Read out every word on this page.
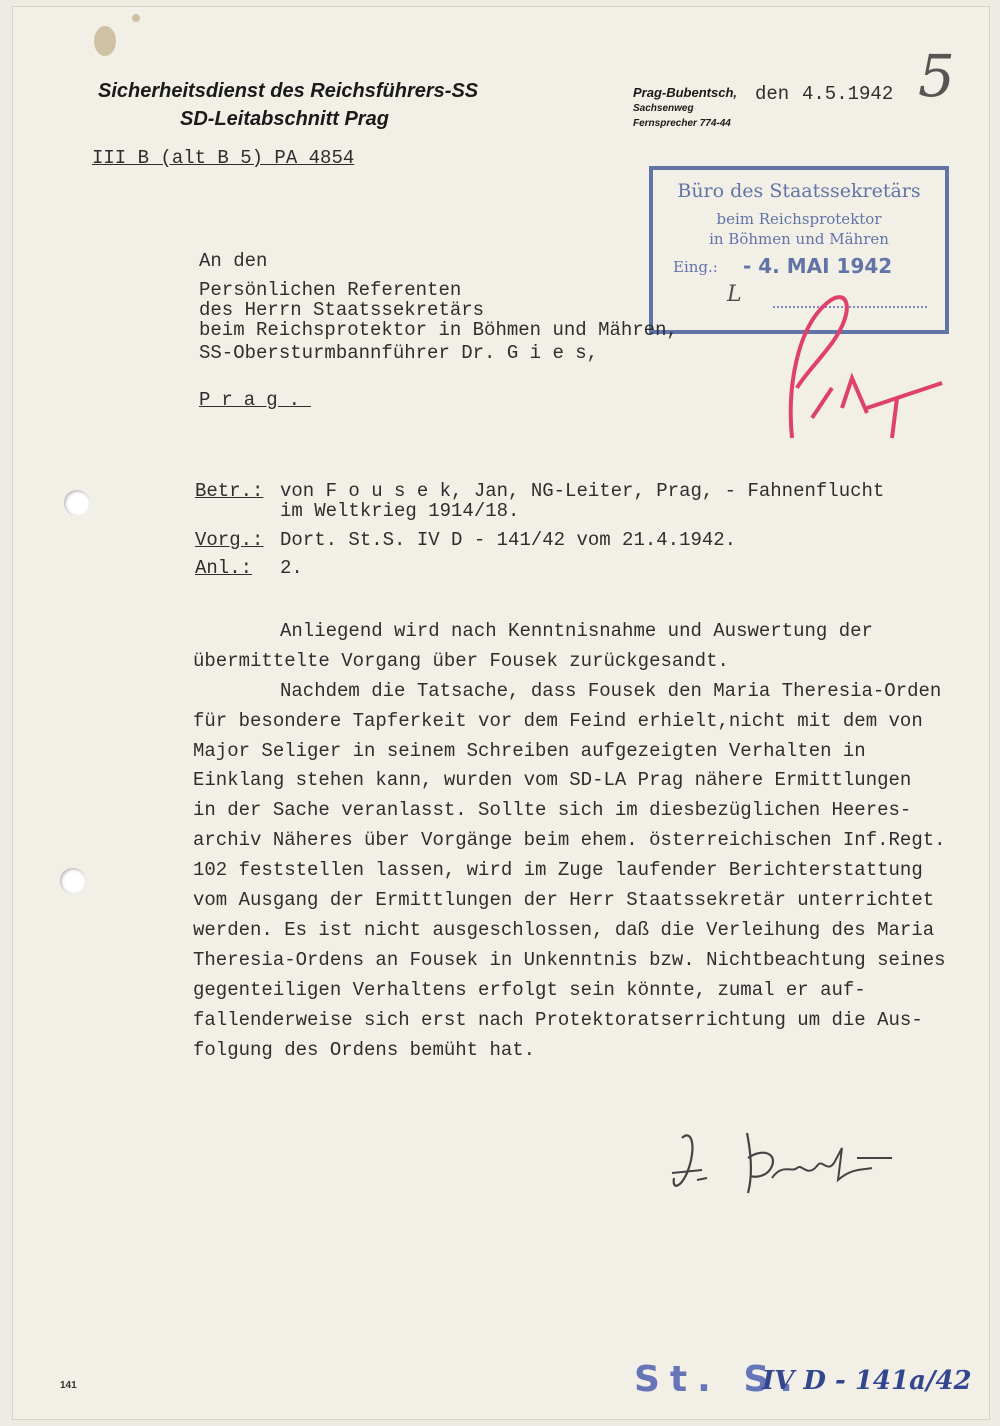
Sicherheitsdienst des Reichsführers-SS
SD-Leitabschnitt Prag
III B (alt B 5) PA 4854
Prag-Bubentsch,
Sachsenweg
Fernsprecher 774-44
den 4.5.1942 5
Büro des Staatssekretärs
beim Reichsprotektor
in Böhmen und Mähren
Eing.: - 4. MAI 1942
L
An den
Persönlichen Referenten
des Herrn Staatssekretärs
beim Reichsprotektor in Böhmen und Mähren,
SS-Obersturmbannführer Dr. G i e s,
Prag.
Betr.: von F o u s e k, Jan, NG-Leiter, Prag, - Fahnenflucht
im Weltkrieg 1914/18.
Vorg.: Dort. St.S. IV D - 141/42 vom 21.4.1942.
Anl.: 2.
Anliegend wird nach Kenntnisnahme und Auswertung der
übermittelte Vorgang über Fousek zurückgesandt.
Nachdem die Tatsache, dass Fousek den Maria Theresia-Orden
für besondere Tapferkeit vor dem Feind erhielt,nicht mit dem von
Major Seliger in seinem Schreiben aufgezeigten Verhalten in
Einklang stehen kann, wurden vom SD-LA Prag nähere Ermittlungen
in der Sache veranlasst. Sollte sich im diesbezüglichen Heeres-
archiv Näheres über Vorgänge beim ehem. österreichischen Inf.Regt.
102 feststellen lassen, wird im Zuge laufender Berichterstattung
vom Ausgang der Ermittlungen der Herr Staatssekretär unterrichtet
werden. Es ist nicht ausgeschlossen, daß die Verleihung des Maria
Theresia-Ordens an Fousek in Unkenntnis bzw. Nichtbeachtung seines
gegenteiligen Verhaltens erfolgt sein könnte, zumal er auf-
fallenderweise sich erst nach Protektoratserrichtung um die Aus-
folgung des Ordens bemüht hat.
141	St. S.
IV D - 141a/42
